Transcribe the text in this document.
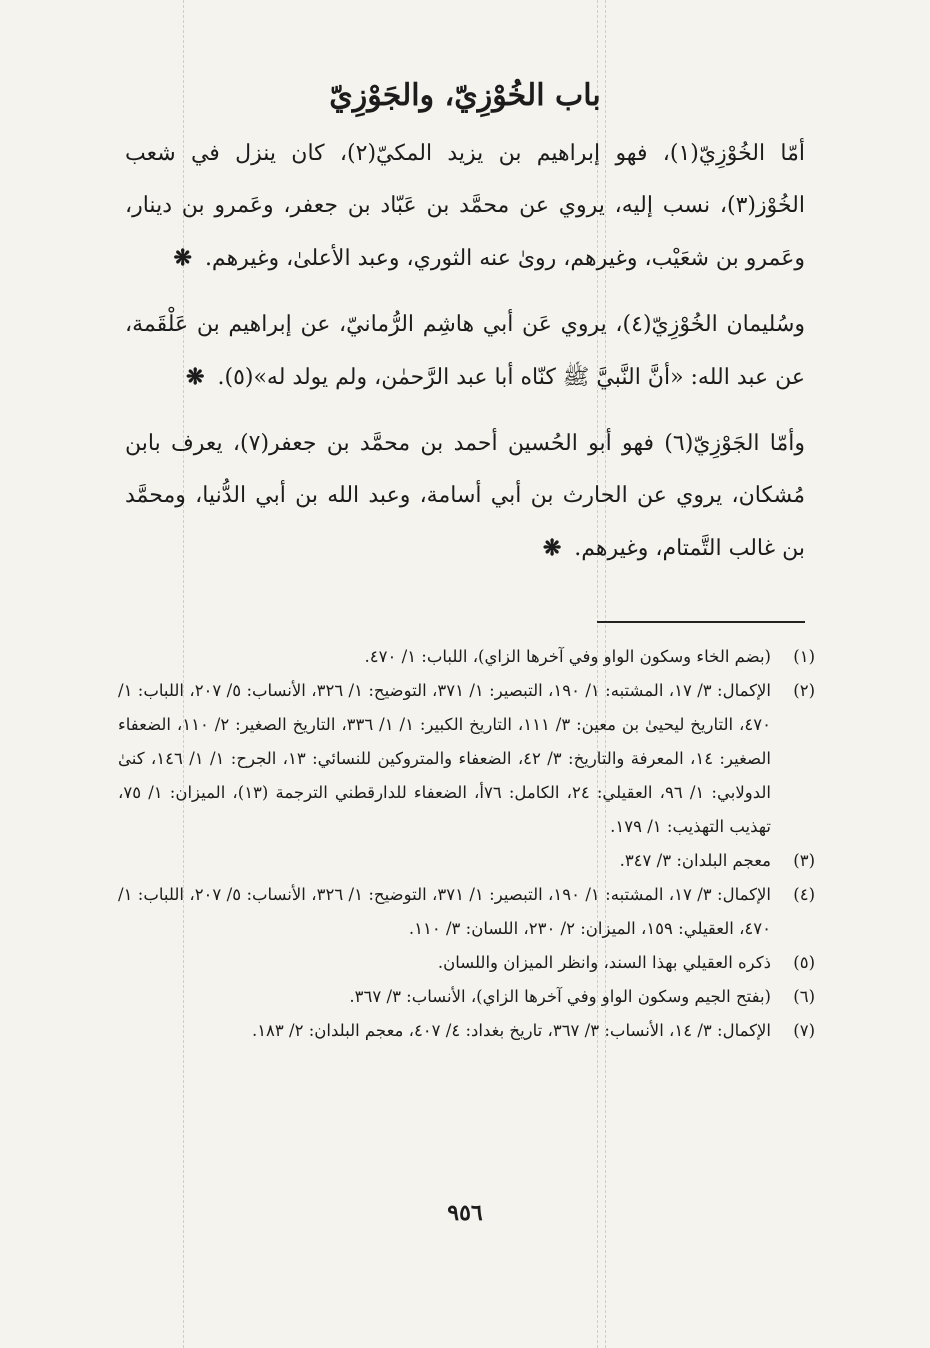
باب الخُوْزِيّ، والجَوْزِيّ

أمّا الخُوْزِيّ(١)، فهو إبراهيم بن يزيد المكيّ(٢)، كان ينزل في شعب الخُوْز(٣)، نسب إليه، يروي عن محمَّد بن عَبّاد بن جعفر، وعَمرو بن دينار، وعَمرو بن شعَيْب، وغيرهم، روىٰ عنه الثوري، وعبد الأعلىٰ، وغيرهم. ❋

وسُليمان الخُوْزِيّ(٤)، يروي عَن أبي هاشِم الرُّمانيّ، عن إبراهيم بن عَلْقَمة، عن عبد الله: «أنَّ النَّبيَّ ﷺ كنّاه أبا عبد الرَّحمٰن، ولم يولد له»(٥). ❋

وأمّا الجَوْزِيّ(٦) فهو أبو الحُسين أحمد بن محمَّد بن جعفر(٧)، يعرف بابن مُشكان، يروي عن الحارث بن أبي أسامة، وعبد الله بن أبي الدُّنيا، ومحمَّد بن غالب التَّمتام، وغيرهم. ❋

(١)
(بضم الخاء وسكون الواو وفي آخرها الزاي)، اللباب: ١/ ٤٧٠.
(٢)
الإكمال: ٣/ ١٧، المشتبه: ١/ ١٩٠، التبصير: ١/ ٣٧١، التوضيح: ١/ ٣٢٦، الأنساب: ٥/ ٢٠٧، اللباب: ١/ ٤٧٠، التاريخ ليحيىٰ بن معين: ٣/ ١١١، التاريخ الكبير: ١/ ١/ ٣٣٦، التاريخ الصغير: ٢/ ١١٠، الضعفاء الصغير: ١٤، المعرفة والتاريخ: ٣/ ٤٢، الضعفاء والمتروكين للنسائي: ١٣، الجرح: ١/ ١/ ١٤٦، كنىٰ الدولابي: ١/ ٩٦، العقيلي: ٢٤، الكامل: ٧٦أ، الضعفاء للدارقطني الترجمة (١٣)، الميزان: ١/ ٧٥، تهذيب التهذيب: ١/ ١٧٩.
(٣)
معجم البلدان: ٣/ ٣٤٧.
(٤)
الإكمال: ٣/ ١٧، المشتبه: ١/ ١٩٠، التبصير: ١/ ٣٧١، التوضيح: ١/ ٣٢٦، الأنساب: ٥/ ٢٠٧، اللباب: ١/ ٤٧٠، العقيلي: ١٥٩، الميزان: ٢/ ٢٣٠، اللسان: ٣/ ١١٠.
(٥)
ذكره العقيلي بهذا السند، وانظر الميزان واللسان.
(٦)
(بفتح الجيم وسكون الواو وفي آخرها الزاي)، الأنساب: ٣/ ٣٦٧.
(٧)
الإكمال: ٣/ ١٤، الأنساب: ٣/ ٣٦٧، تاريخ بغداد: ٤/ ٤٠٧، معجم البلدان: ٢/ ١٨٣.
٩٥٦
